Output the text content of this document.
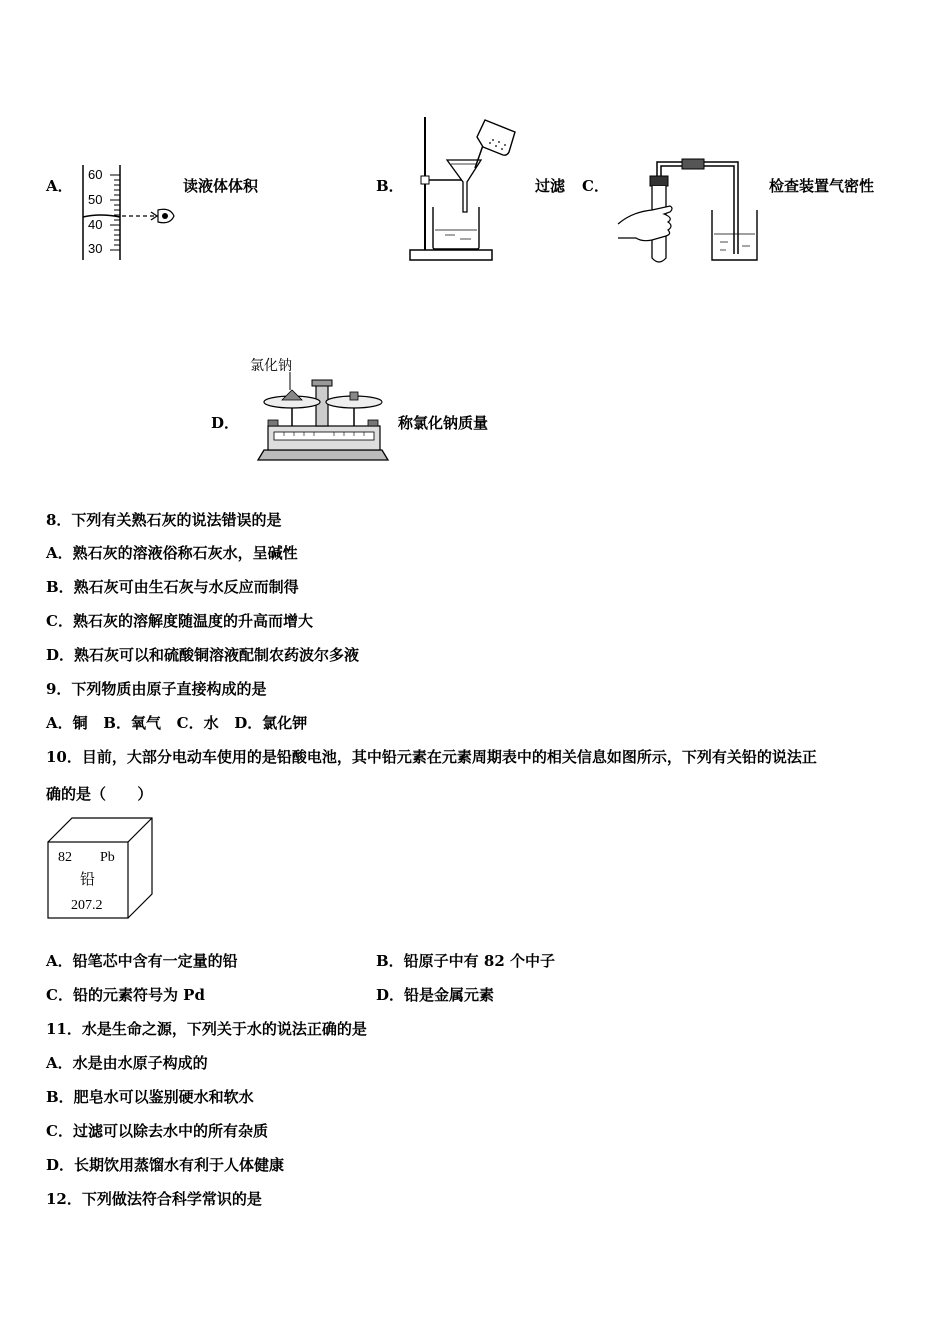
A．
60
50
40
30
读液体体积	B．	过滤 C．	检查装置气密性
D．
氯化钠
称氯化钠质量
8．下列有关熟石灰的说法错误的是
A．熟石灰的溶液俗称石灰水，呈碱性
B．熟石灰可由生石灰与水反应而制得
C．熟石灰的溶解度随温度的升高而增大
D．熟石灰可以和硫酸铜溶液配制农药波尔多液
9．下列物质由原子直接构成的是
A．铜   B．氧气   C．水   D．氯化钾
10．目前，大部分电动车使用的是铅酸电池，其中铅元素在元素周期表中的相关信息如图所示，下列有关铅的说法正
确的是（      ）
82 Pb
铅
207.2
A．铅笔芯中含有一定量的铅	B．铅原子中有 82 个中子
C．铅的元素符号为 Pd	D．铅是金属元素
11．水是生命之源，下列关于水的说法正确的是
A．水是由水原子构成的
B．肥皂水可以鉴别硬水和软水
C．过滤可以除去水中的所有杂质
D．长期饮用蒸馏水有利于人体健康
12．下列做法符合科学常识的是
